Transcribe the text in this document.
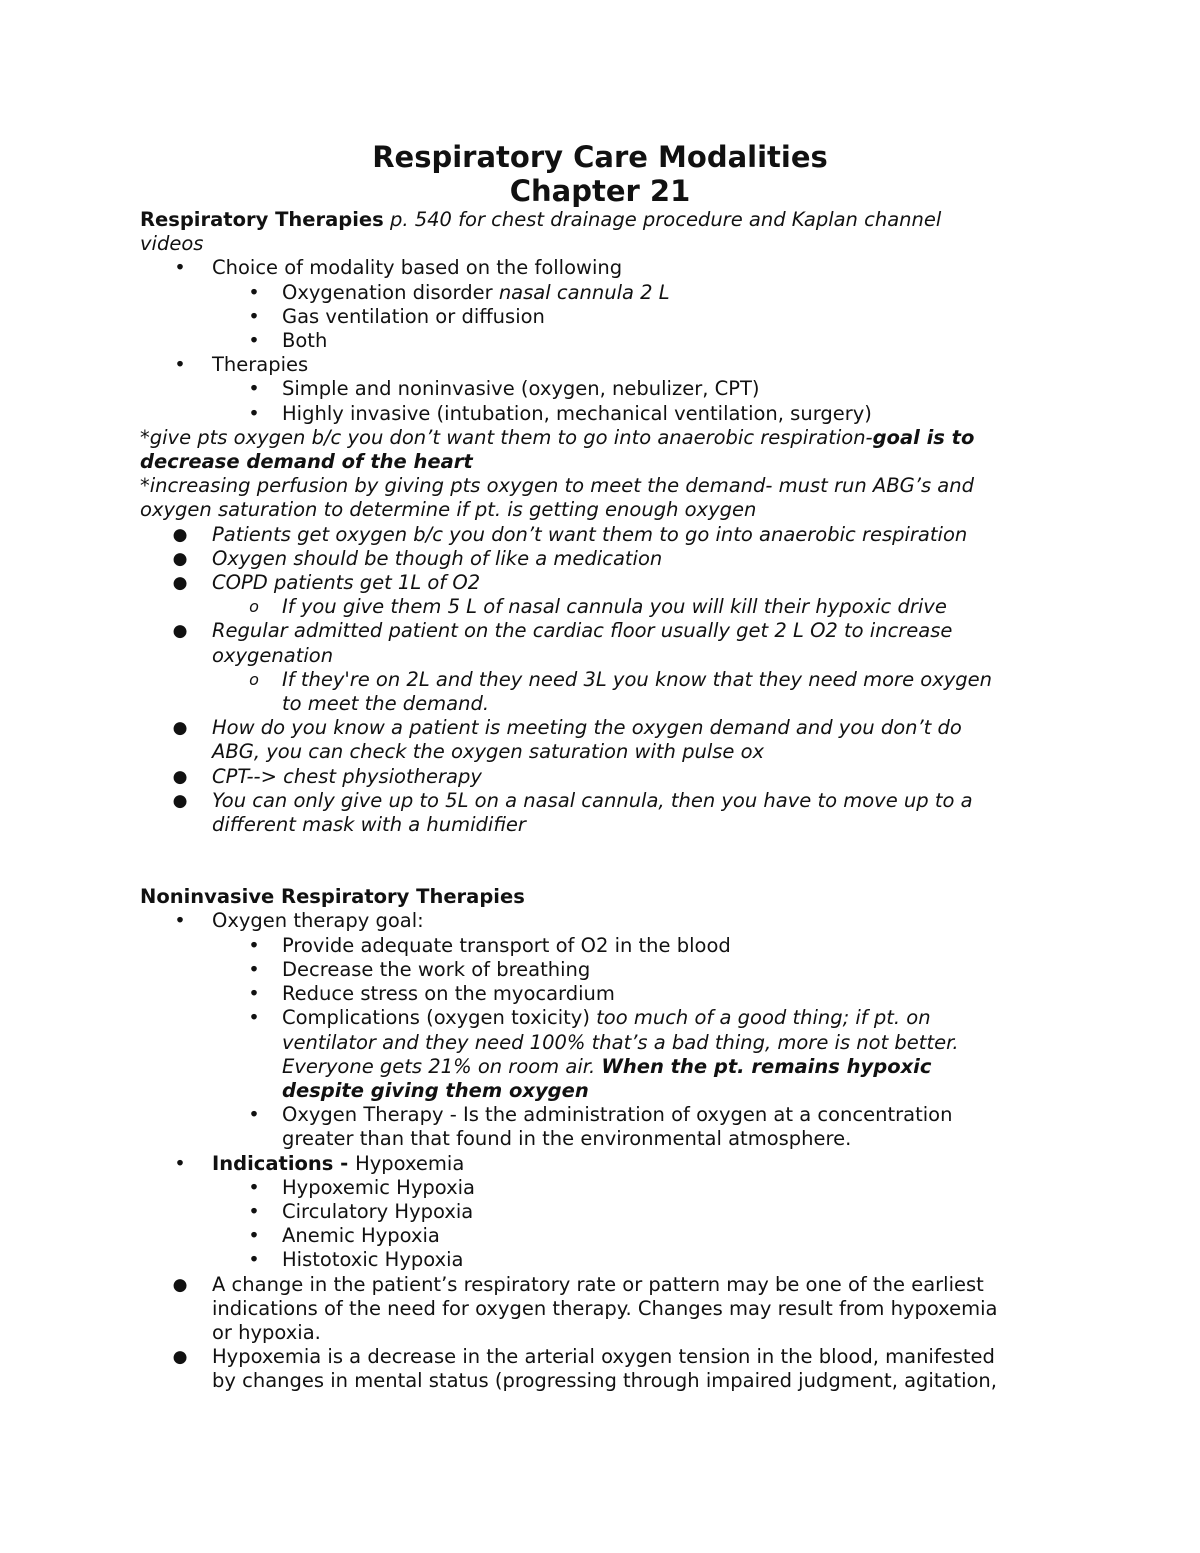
Respiratory Care Modalities

Chapter 21

Respiratory Therapies p. 540 for chest drainage procedure and Kaplan channel

videos

• Choice of modality based on the following

• Oxygenation disorder nasal cannula 2 L

• Gas ventilation or diffusion

• Both

• Therapies

• Simple and noninvasive (oxygen, nebulizer, CPT)

• Highly invasive (intubation, mechanical ventilation, surgery)

*give pts oxygen b/c you don’t want them to go into anaerobic respiration-goal is to

decrease demand of the heart

*increasing perfusion by giving pts oxygen to meet the demand- must run ABG’s and

oxygen saturation to determine if pt. is getting enough oxygen

● Patients get oxygen b/c you don’t want them to go into anaerobic respiration

● Oxygen should be though of like a medication

● COPD patients get 1L of O2

o If you give them 5 L of nasal cannula you will kill their hypoxic drive

● Regular admitted patient on the cardiac floor usually get 2 L O2 to increase

oxygenation

o If they're on 2L and they need 3L you know that they need more oxygen

to meet the demand.

● How do you know a patient is meeting the oxygen demand and you don’t do

ABG, you can check the oxygen saturation with pulse ox

● CPT--> chest physiotherapy

● You can only give up to 5L on a nasal cannula, then you have to move up to a

different mask with a humidifier

Noninvasive Respiratory Therapies

• Oxygen therapy goal:

• Provide adequate transport of O2 in the blood

• Decrease the work of breathing

• Reduce stress on the myocardium

• Complications (oxygen toxicity) too much of a good thing; if pt. on

ventilator and they need 100% that’s a bad thing, more is not better.

Everyone gets 21% on room air. When the pt. remains hypoxic

despite giving them oxygen

• Oxygen Therapy - Is the administration of oxygen at a concentration

greater than that found in the environmental atmosphere.

• Indications - Hypoxemia

• Hypoxemic Hypoxia

• Circulatory Hypoxia

• Anemic Hypoxia

• Histotoxic Hypoxia

● A change in the patient’s respiratory rate or pattern may be one of the earliest

indications of the need for oxygen therapy. Changes may result from hypoxemia

or hypoxia.

● Hypoxemia is a decrease in the arterial oxygen tension in the blood, manifested

by changes in mental status (progressing through impaired judgment, agitation,
